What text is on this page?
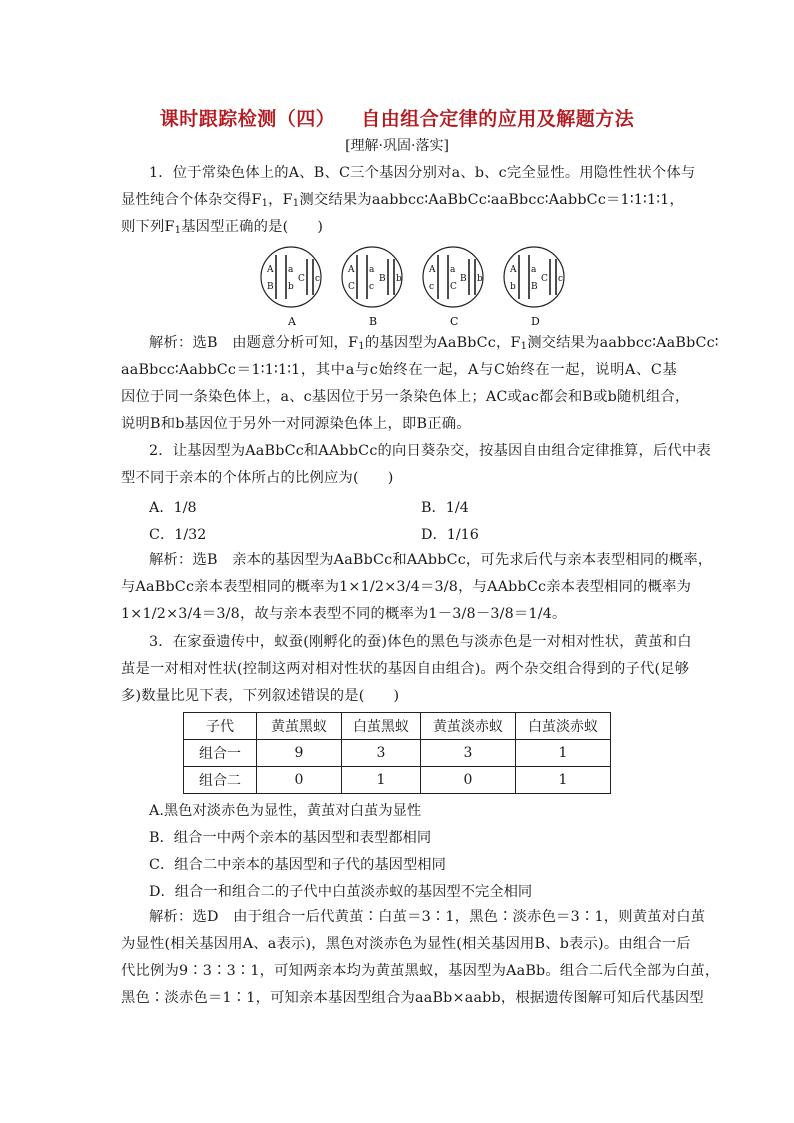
课时跟踪检测（四） 自由组合定律的应用及解题方法
[理解·巩固·落实]
1．位于常染色体上的A、B、C三个基因分别对a、b、c完全显性。用隐性性状个体与
显性纯合个体杂交得$F_1$，$F_1$测交结果为aabbcc∶AaBbCc∶aaBbcc∶AabbCc＝1∶1∶1∶1，
则下列$F_1$基因型正确的是(　　)
A
B
a
b
C c
A
C
a
c
B b
A
c
a
C
B b
A
b
a
B
C c
A	B	C	D
解析：选B　由题意分析可知，$F_1$的基因型为AaBbCc，$F_1$测交结果为aabbcc∶AaBbCc∶
aaBbcc∶AabbCc＝1∶1∶1∶1，其中a与c始终在一起，A与C始终在一起，说明A、C基
因位于同一条染色体上，a、c基因位于另一条染色体上；AC或ac都会和B或b随机组合，
说明B和b基因位于另外一对同源染色体上，即B正确。
2．让基因型为AaBbCc和AAbbCc的向日葵杂交，按基因自由组合定律推算，后代中表
型不同于亲本的个体所占的比例应为(　　)
A．1/8	B．1/4
C．1/32	D．1/16
解析：选B　亲本的基因型为AaBbCc和AAbbCc，可先求后代与亲本表型相同的概率，
与AaBbCc亲本表型相同的概率为1×1/2×3/4＝3/8，与AAbbCc亲本表型相同的概率为
1×1/2×3/4＝3/8，故与亲本表型不同的概率为1－3/8－3/8＝1/4。
3．在家蚕遗传中，蚁蚕(刚孵化的蚕)体色的黑色与淡赤色是一对相对性状，黄茧和白
茧是一对相对性状(控制这两对相对性状的基因自由组合)。两个杂交组合得到的子代(足够
多)数量比见下表，下列叙述错误的是(　　)
子代	黄茧黑蚁	白茧黑蚁	黄茧淡赤蚁	白茧淡赤蚁
组合一	9	3	3	1
组合二	0	1	0	1
A.黑色对淡赤色为显性，黄茧对白茧为显性
B．组合一中两个亲本的基因型和表型都相同
C．组合二中亲本的基因型和子代的基因型相同
D．组合一和组合二的子代中白茧淡赤蚁的基因型不完全相同
解析：选D　由于组合一后代黄茧∶白茧＝3∶1，黑色∶淡赤色＝3∶1，则黄茧对白茧
为显性(相关基因用A、a表示)，黑色对淡赤色为显性(相关基因用B、b表示)。由组合一后
代比例为9∶3∶3∶1，可知两亲本均为黄茧黑蚁，基因型为AaBb。组合二后代全部为白茧，
黑色∶淡赤色＝1∶1，可知亲本基因型组合为aaBb×aabb，根据遗传图解可知后代基因型
